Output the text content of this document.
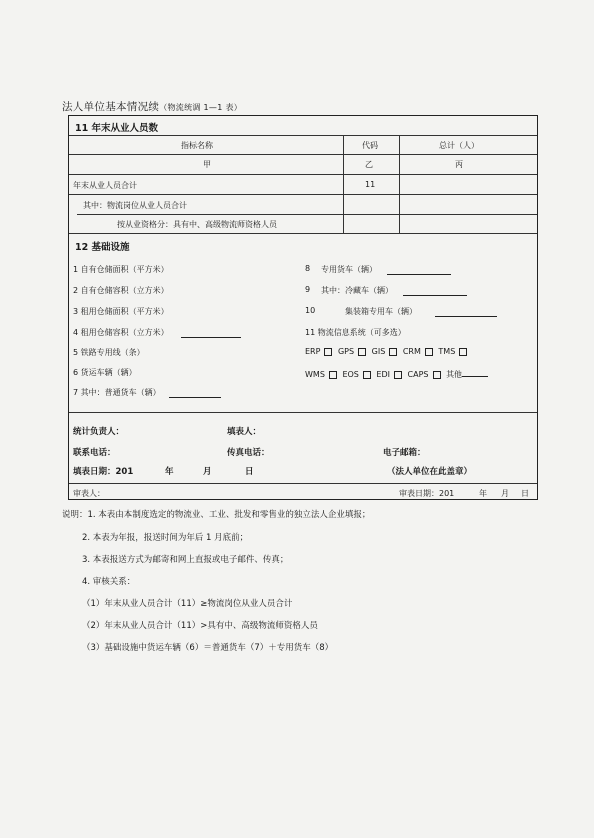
法人单位基本情况续（物流统调 1—1 表）
11 年末从业人员数
指标名称	代码	总计（人）
甲	乙	丙
年末从业人员合计	11
其中：物流岗位从业人员合计
按从业资格分：具有中、高级物流师资格人员
12 基础设施
1 自有仓储面积（平方米）
2 自有仓储容积（立方米）
3 租用仓储面积（平方米）
4 租用仓储容积（立方米）
5 铁路专用线（条）
6 货运车辆（辆）
7 其中：普通货车（辆）
8 专用货车（辆）
9 其中：冷藏车（辆）
10	集装箱专用车（辆）
11 物流信息系统（可多选）
ERP GPS GIS CRM TMS
WMS EOS EDI CAPS 其他
统计负责人：	填表人：
联系电话：	传真电话：	电子邮箱：
填表日期：201	年	月	日	（法人单位在此盖章）
审表人：	审表日期：201	年 月 日
说明：1. 本表由本制度选定的物流业、工业、批发和零售业的独立法人企业填报；
2. 本表为年报，报送时间为年后 1 月底前；
3. 本表报送方式为邮寄和网上直报或电子邮件、传真；
4. 审核关系：
（1）年末从业人员合计（11）≥物流岗位从业人员合计
（2）年末从业人员合计（11）>具有中、高级物流师资格人员
（3）基础设施中货运车辆（6）＝普通货车（7）＋专用货车（8）
